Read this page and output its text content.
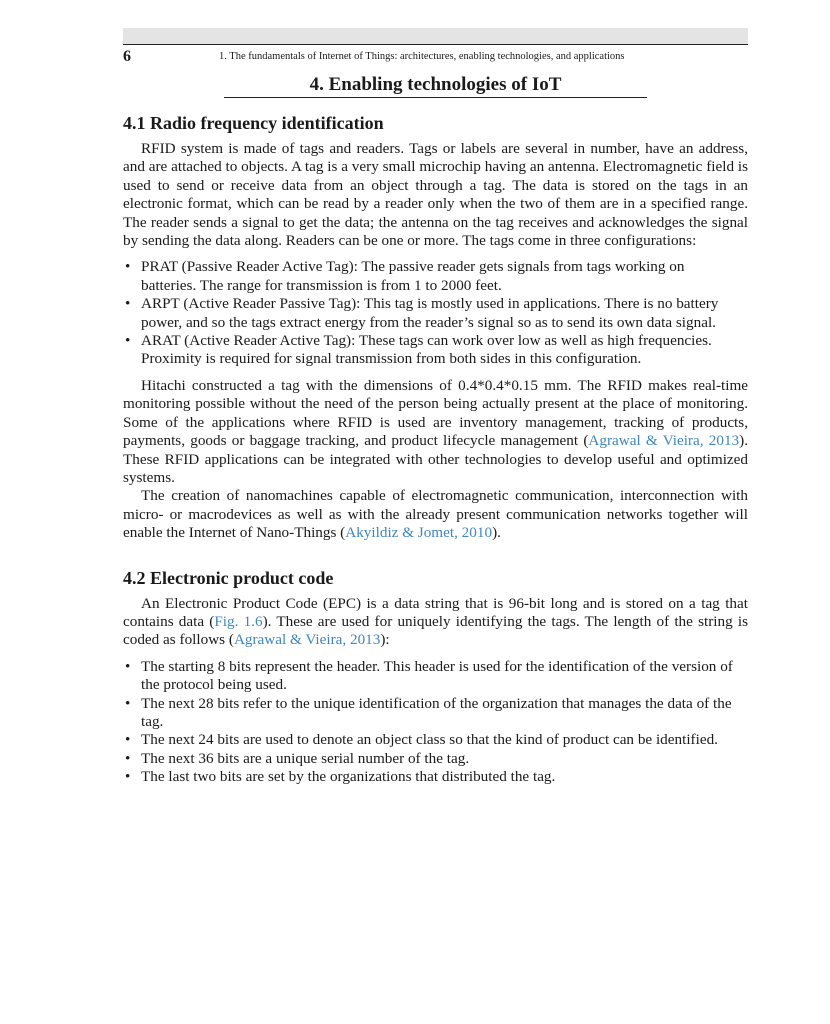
6	1. The fundamentals of Internet of Things: architectures, enabling technologies, and applications
4. Enabling technologies of IoT
4.1 Radio frequency identification

RFID system is made of tags and readers. Tags or labels are several in number, have an address, and are attached to objects. A tag is a very small microchip having an antenna. Electromagnetic field is used to send or receive data from an object through a tag. The data is stored on the tags in an electronic format, which can be read by a reader only when the two of them are in a specified range. The reader sends a signal to get the data; the antenna on the tag receives and acknowledges the signal by sending the data along. Readers can be one or more. The tags come in three configurations:

• PRAT (Passive Reader Active Tag): The passive reader gets signals from tags working on batteries. The range for transmission is from 1 to 2000 feet.
• ARPT (Active Reader Passive Tag): This tag is mostly used in applications. There is no battery power, and so the tags extract energy from the reader’s signal so as to send its own data signal.
• ARAT (Active Reader Active Tag): These tags can work over low as well as high frequencies. Proximity is required for signal transmission from both sides in this configuration.

Hitachi constructed a tag with the dimensions of 0.4*0.4*0.15 mm. The RFID makes real-time monitoring possible without the need of the person being actually present at the place of monitoring. Some of the applications where RFID is used are inventory management, tracking of products, payments, goods or baggage tracking, and product lifecycle management (Agrawal & Vieira, 2013). These RFID applications can be integrated with other technologies to develop useful and optimized systems.

The creation of nanomachines capable of electromagnetic communication, interconnection with micro- or macrodevices as well as with the already present communication networks together will enable the Internet of Nano-Things (Akyildiz & Jomet, 2010).

4.2 Electronic product code

An Electronic Product Code (EPC) is a data string that is 96-bit long and is stored on a tag that contains data (Fig. 1.6). These are used for uniquely identifying the tags. The length of the string is coded as follows (Agrawal & Vieira, 2013):

• The starting 8 bits represent the header. This header is used for the identification of the version of the protocol being used.
• The next 28 bits refer to the unique identification of the organization that manages the data of the tag.
• The next 24 bits are used to denote an object class so that the kind of product can be identified.
• The next 36 bits are a unique serial number of the tag.
• The last two bits are set by the organizations that distributed the tag.
